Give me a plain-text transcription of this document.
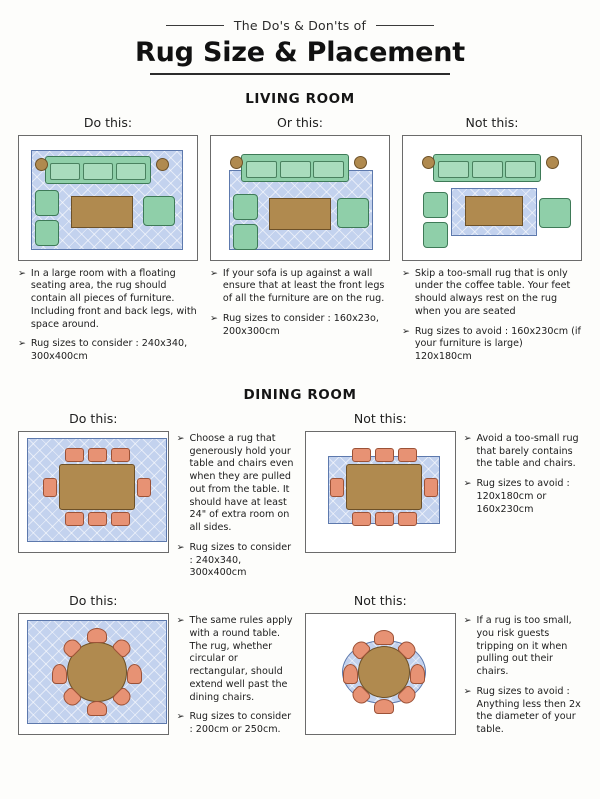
The Do's & Don'ts of
Rug Size & Placement
LIVING ROOM
Do this:
➢ In a large room with a floating seating area, the rug should contain all pieces of furniture. Including front and back legs, with space around.
➢ Rug sizes to consider : 240x340, 300x400cm
Or this:
➢ If your sofa is up against a wall ensure that at least the front legs of all the furniture are on the rug.
➢ Rug sizes to consider : 160x23o, 200x300cm
Not this:
➢ Skip a too-small rug that is only under the coffee table. Your feet should always rest on the rug when you are seated
➢ Rug sizes to avoid : 160x230cm (if your furniture is large) 120x180cm
DINING ROOM
Do this:
➢ Choose a rug that generously hold your table and chairs even when they are pulled out from the table. It should have at least 24" of extra room on all sides.
➢ Rug sizes to consider : 240x340, 300x400cm
Not this:
➢ Avoid a too-small rug that barely contains the table and chairs.
➢ Rug sizes to avoid : 120x180cm or 160x230cm
Do this:
➢ The same rules apply with a round table. The rug, whether circular or rectangular, should extend well past the dining chairs.
➢ Rug sizes to consider : 200cm or 250cm.
Not this:
➢ If a rug is too small, you risk guests tripping on it when pulling out their chairs.
➢ Rug sizes to avoid : Anything less then 2x the diameter of your table.
